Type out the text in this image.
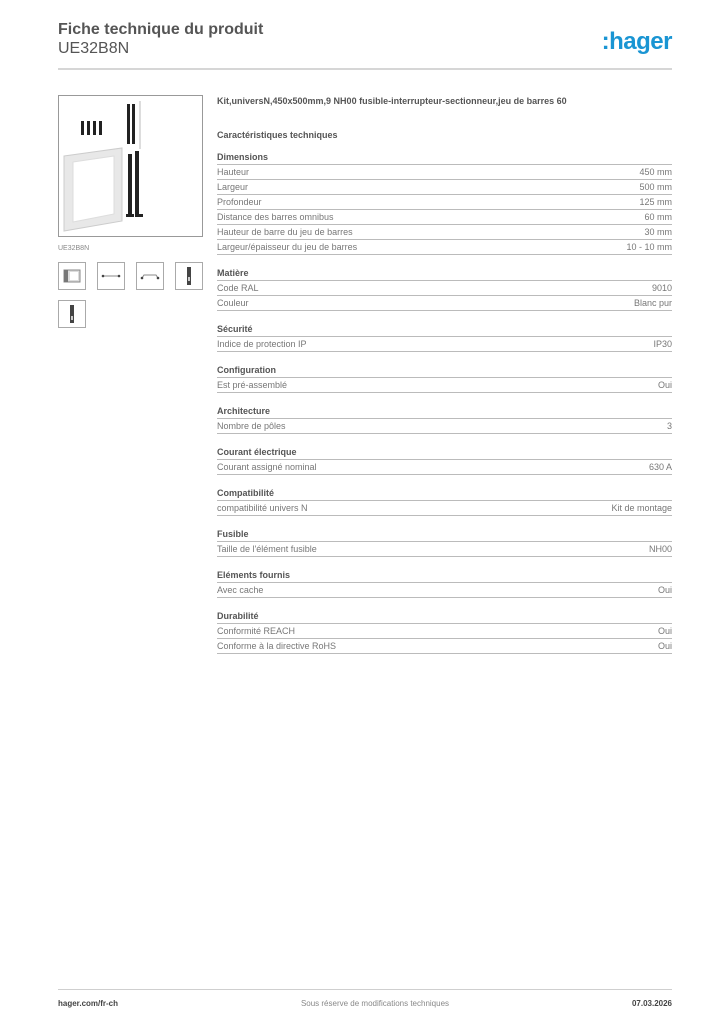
Fiche technique du produit
UE32B8N	:hager
UE32B8N
Kit,universN,450x500mm,9 NH00 fusible-interrupteur-sectionneur,jeu de barres 60
Caractéristiques techniques
Dimensions
Hauteur	450 mm
Largeur	500 mm
Profondeur	125 mm
Distance des barres omnibus	60 mm
Hauteur de barre du jeu de barres	30 mm
Largeur/épaisseur du jeu de barres	10 - 10 mm
Matière
Code RAL	9010
Couleur	Blanc pur
Sécurité
Indice de protection IP	IP30
Configuration
Est pré-assemblé	Oui
Architecture
Nombre de pôles	3
Courant électrique
Courant assigné nominal	630 A
Compatibilité
compatibilité univers N	Kit de montage
Fusible
Taille de l'élément fusible	NH00
Eléments fournis
Avec cache	Oui
Durabilité
Conformité REACH	Oui
Conforme à la directive RoHS	Oui
hager.com/fr-ch	Sous réserve de modifications techniques	07.03.2026
